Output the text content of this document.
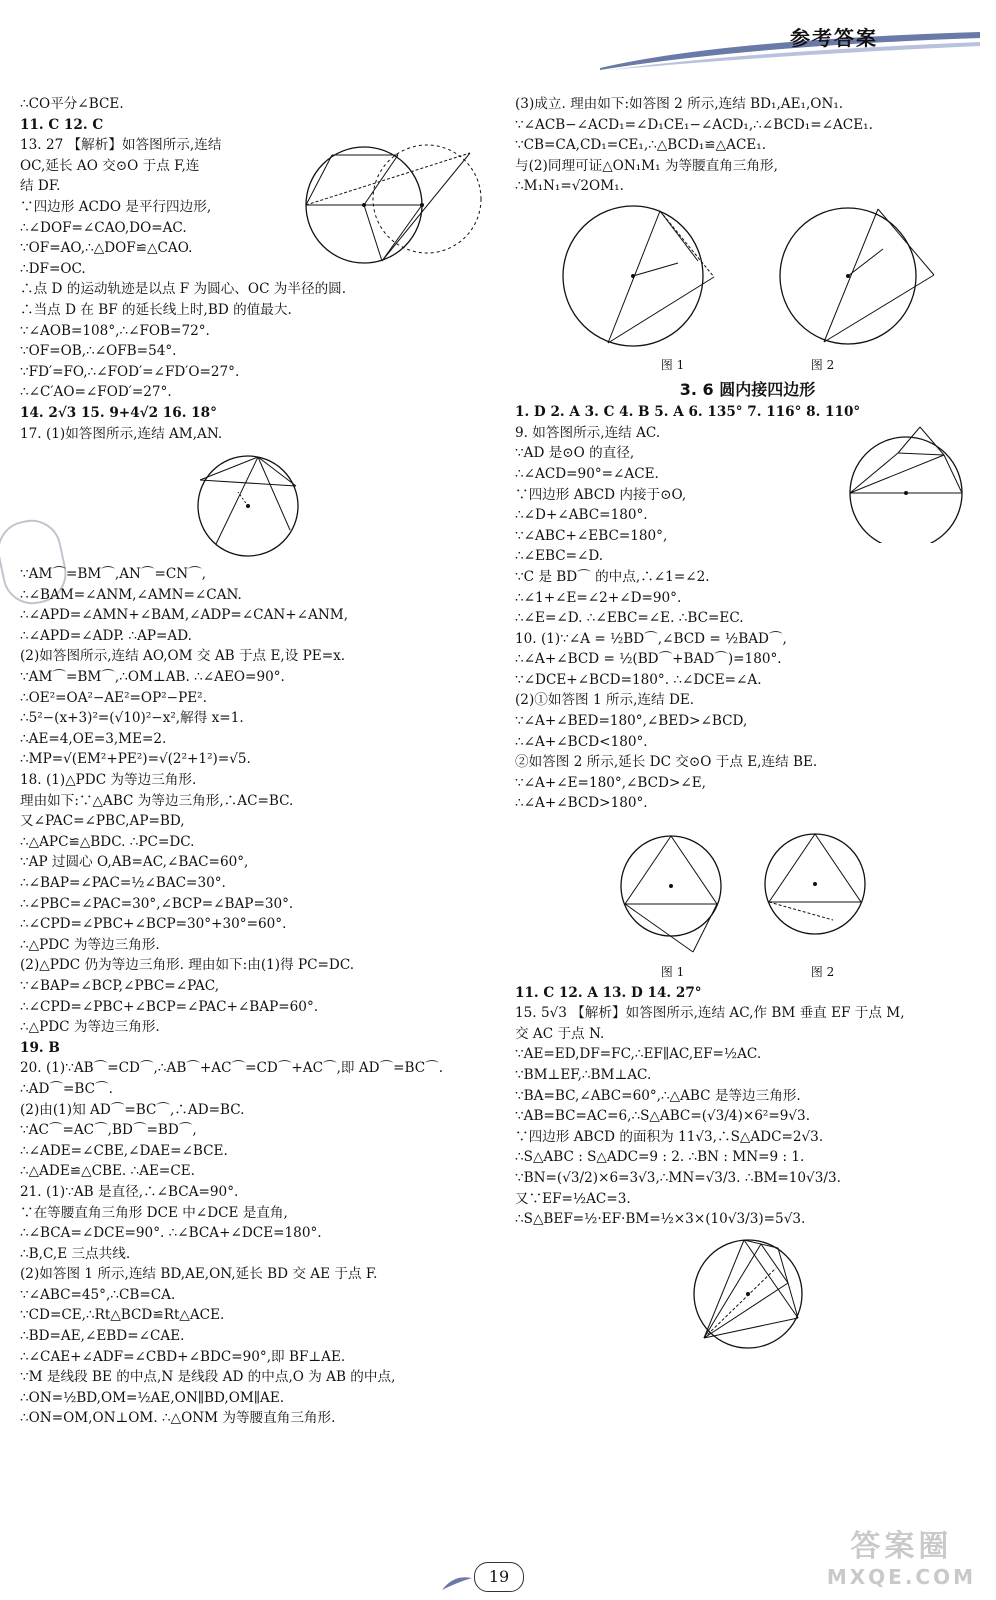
参考答案
∴CO平分∠BCE.
11. C 12. C
13. 27 【解析】如答图所示,连结
OC,延长 AO 交⊙O 于点 F,连
结 DF.
∵四边形 ACDO 是平行四边形,
∴∠DOF=∠CAO,DO=AC.
∵OF=AO,∴△DOF≌△CAO.
∴DF=OC.
∴点 D 的运动轨迹是以点 F 为圆心、OC 为半径的圆.
∴当点 D 在 BF 的延长线上时,BD 的值最大.
∵∠AOB=108°,∴∠FOB=72°.
∵OF=OB,∴∠OFB=54°.
∵FD′=FO,∴∠FOD′=∠FD′O=27°.
∴∠C′AO=∠FOD′=27°.
14. 2√3 15. 9+4√2 16. 18°
17. (1)如答图所示,连结 AM,AN.
∵AM⌒=BM⌒,AN⌒=CN⌒,
∴∠BAM=∠ANM,∠AMN=∠CAN.
∴∠APD=∠AMN+∠BAM,∠ADP=∠CAN+∠ANM,
∴∠APD=∠ADP. ∴AP=AD.
(2)如答图所示,连结 AO,OM 交 AB 于点 E,设 PE=x.
∵AM⌒=BM⌒,∴OM⊥AB. ∴∠AEO=90°.
∴OE²=OA²−AE²=OP²−PE².
∴5²−(x+3)²=(√10)²−x²,解得 x=1.
∴AE=4,OE=3,ME=2.
∴MP=√(EM²+PE²)=√(2²+1²)=√5.
18. (1)△PDC 为等边三角形.
理由如下:∵△ABC 为等边三角形,∴AC=BC.
又∠PAC=∠PBC,AP=BD,
∴△APC≌△BDC. ∴PC=DC.
∵AP 过圆心 O,AB=AC,∠BAC=60°,
∴∠BAP=∠PAC=½∠BAC=30°.
∴∠PBC=∠PAC=30°,∠BCP=∠BAP=30°.
∴∠CPD=∠PBC+∠BCP=30°+30°=60°.
∴△PDC 为等边三角形.
(2)△PDC 仍为等边三角形. 理由如下:由(1)得 PC=DC.
∵∠BAP=∠BCP,∠PBC=∠PAC,
∴∠CPD=∠PBC+∠BCP=∠PAC+∠BAP=60°.
∴△PDC 为等边三角形.
19. B
20. (1)∵AB⌒=CD⌒,∴AB⌒+AC⌒=CD⌒+AC⌒,即 AD⌒=BC⌒.
∴AD⌒=BC⌒.
(2)由(1)知 AD⌒=BC⌒,∴AD=BC.
∵AC⌒=AC⌒,BD⌒=BD⌒,
∴∠ADE=∠CBE,∠DAE=∠BCE.
∴△ADE≌△CBE. ∴AE=CE.
21. (1)∵AB 是直径,∴∠BCA=90°.
∵在等腰直角三角形 DCE 中∠DCE 是直角,
∴∠BCA=∠DCE=90°. ∴∠BCA+∠DCE=180°.
∴B,C,E 三点共线.
(2)如答图 1 所示,连结 BD,AE,ON,延长 BD 交 AE 于点 F.
∵∠ABC=45°,∴CB=CA.
∵CD=CE,∴Rt△BCD≌Rt△ACE.
∴BD=AE,∠EBD=∠CAE.
∴∠CAE+∠ADF=∠CBD+∠BDC=90°,即 BF⊥AE.
∵M 是线段 BE 的中点,N 是线段 AD 的中点,O 为 AB 的中点,
∴ON=½BD,OM=½AE,ON∥BD,OM∥AE.
∴ON=OM,ON⊥OM. ∴△ONM 为等腰直角三角形.
(3)成立. 理由如下:如答图 2 所示,连结 BD₁,AE₁,ON₁.
∵∠ACB−∠ACD₁=∠D₁CE₁−∠ACD₁,∴∠BCD₁=∠ACE₁.
∵CB=CA,CD₁=CE₁,∴△BCD₁≌△ACE₁.
与(2)同理可证△ON₁M₁ 为等腰直角三角形,
∴M₁N₁=√2OM₁.
图 1	图 2
3. 6 圆内接四边形
1. D 2. A 3. C 4. B 5. A 6. 135° 7. 116° 8. 110°
9. 如答图所示,连结 AC.
∵AD 是⊙O 的直径,
∴∠ACD=90°=∠ACE.
∵四边形 ABCD 内接于⊙O,
∴∠D+∠ABC=180°.
∵∠ABC+∠EBC=180°,
∴∠EBC=∠D.
∵C 是 BD⌒ 的中点,∴∠1=∠2.
∴∠1+∠E=∠2+∠D=90°.
∴∠E=∠D. ∴∠EBC=∠E. ∴BC=EC.
10. (1)∵∠A = ½BD⌒,∠BCD = ½BAD⌒,
∴∠A+∠BCD = ½(BD⌒+BAD⌒)=180°.
∵∠DCE+∠BCD=180°. ∴∠DCE=∠A.
(2)①如答图 1 所示,连结 DE.
∵∠A+∠BED=180°,∠BED>∠BCD,
∴∠A+∠BCD<180°.
②如答图 2 所示,延长 DC 交⊙O 于点 E,连结 BE.
∵∠A+∠E=180°,∠BCD>∠E,
∴∠A+∠BCD>180°.
图 1	图 2
11. C 12. A 13. D 14. 27°
15. 5√3 【解析】如答图所示,连结 AC,作 BM 垂直 EF 于点 M,
交 AC 于点 N.
∵AE=ED,DF=FC,∴EF∥AC,EF=½AC.
∵BM⊥EF,∴BM⊥AC.
∵BA=BC,∠ABC=60°,∴△ABC 是等边三角形.
∵AB=BC=AC=6,∴S△ABC=(√3/4)×6²=9√3.
∵四边形 ABCD 的面积为 11√3,∴S△ADC=2√3.
∴S△ABC : S△ADC=9 : 2. ∴BN : MN=9 : 1.
∵BN=(√3/2)×6=3√3,∴MN=√3/3. ∴BM=10√3/3.
又∵EF=½AC=3.
∴S△BEF=½·EF·BM=½×3×(10√3/3)=5√3.
19
答案圈
MXQE.COM
